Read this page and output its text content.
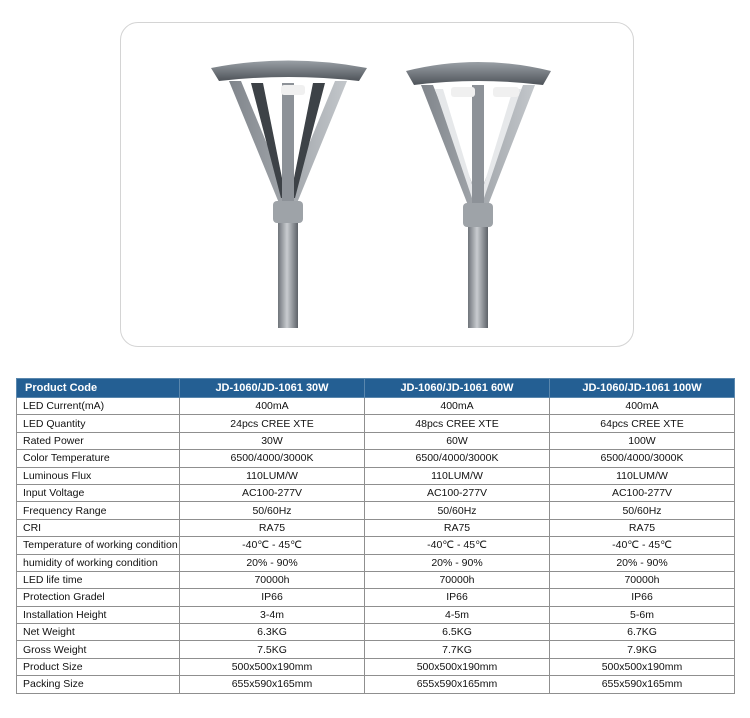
Product Code	JD-1060/JD-1061 30W	JD-1060/JD-1061 60W	JD-1060/JD-1061 100W
LED Current(mA)	400mA	400mA	400mA
LED Quantity	24pcs CREE XTE	48pcs CREE XTE	64pcs CREE XTE
Rated Power	30W	60W	100W
Color Temperature	6500/4000/3000K	6500/4000/3000K	6500/4000/3000K
Luminous Flux	110LUM/W	110LUM/W	110LUM/W
Input Voltage	AC100-277V	AC100-277V	AC100-277V
Frequency Range	50/60Hz	50/60Hz	50/60Hz
CRI	RA75	RA75	RA75
Temperature of working condition	-40℃ - 45℃	-40℃ - 45℃	-40℃ - 45℃
humidity of working condition	20% - 90%	20% - 90%	20% - 90%
LED life time	70000h	70000h	70000h
Protection Gradel	IP66	IP66	IP66
Installation Height	3-4m	4-5m	5-6m
Net Weight	6.3KG	6.5KG	6.7KG
Gross Weight	7.5KG	7.7KG	7.9KG
Product Size	500x500x190mm	500x500x190mm	500x500x190mm
Packing Size	655x590x165mm	655x590x165mm	655x590x165mm
